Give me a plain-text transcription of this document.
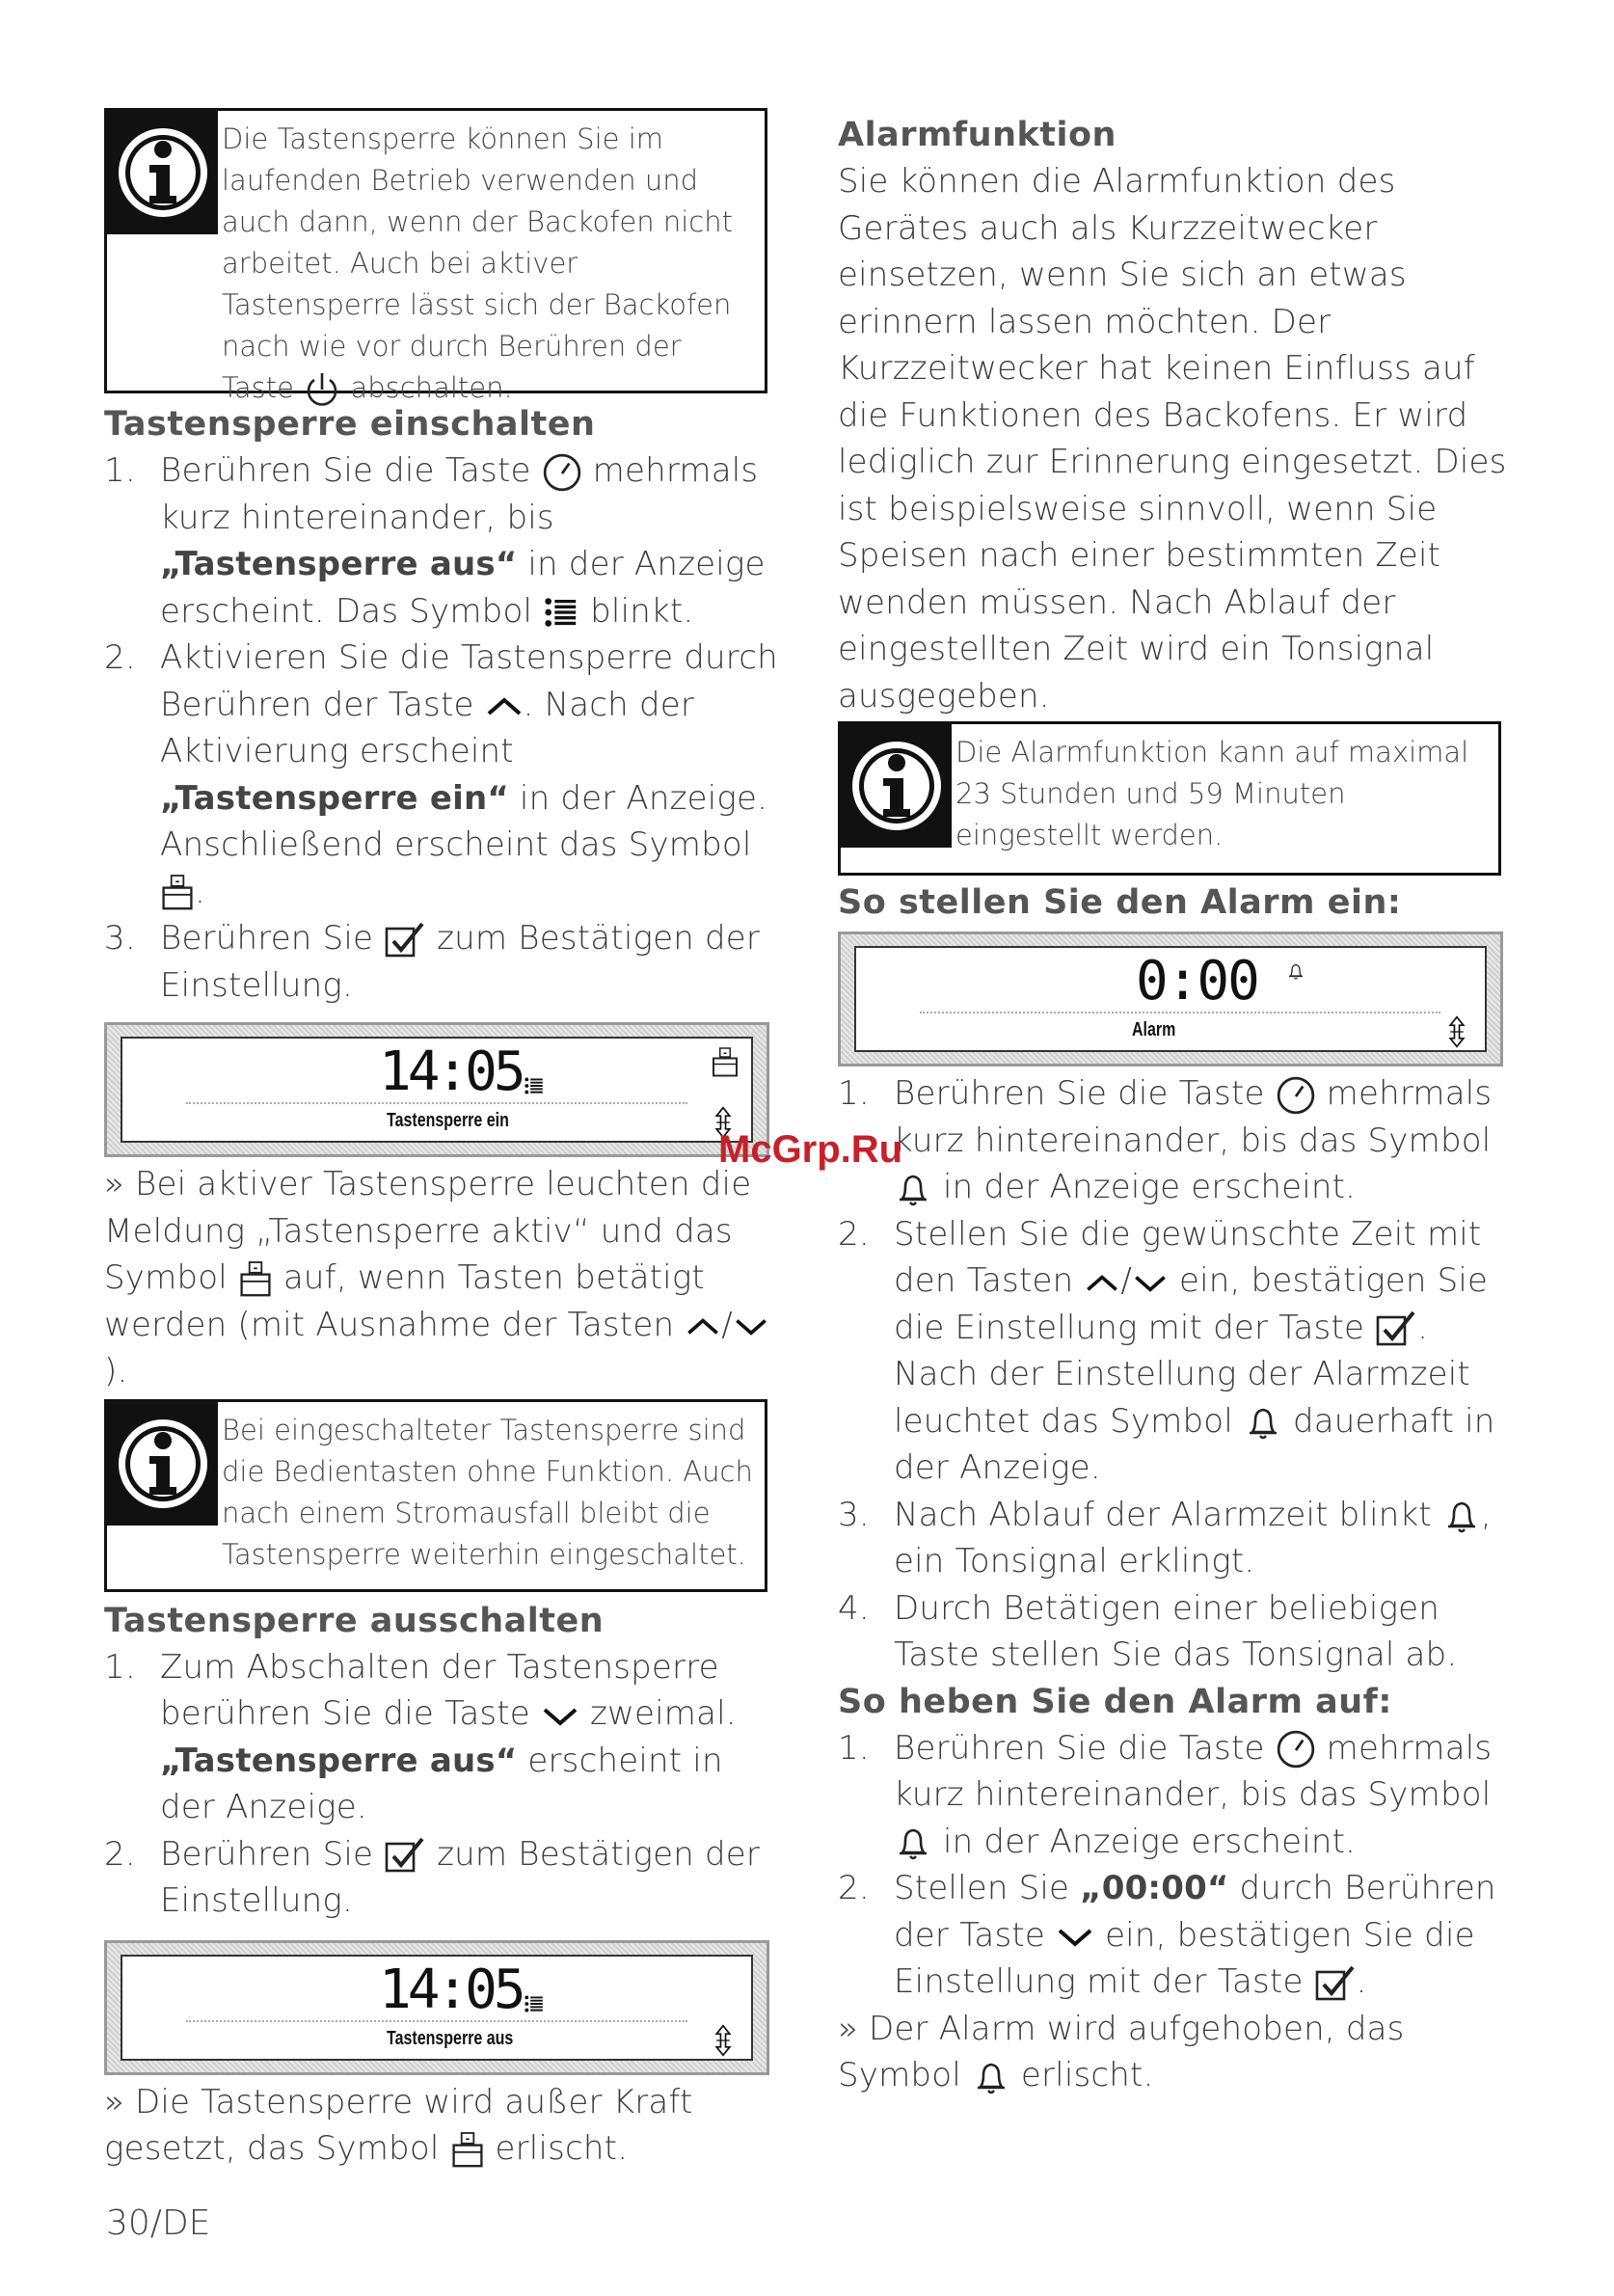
Die Tastensperre können Sie im laufenden Betrieb verwenden und auch dann, wenn der Backofen nicht arbeitet. Auch bei aktiver Tastensperre lässt sich der Backofen nach wie vor durch Berühren der Taste abschalten.
Tastensperre einschalten
1. Berühren Sie die Taste mehrmals kurz hintereinander, bis „Tastensperre aus“ in der Anzeige erscheint. Das Symbol blinkt.
2. Aktivieren Sie die Tastensperre durch Berühren der Taste . Nach der Aktivierung erscheint „Tastensperre ein“ in der Anzeige. Anschließend erscheint das Symbol .
3. Berühren Sie zum Bestätigen der Einstellung.
14:05
Tastensperre ein
» Bei aktiver Tastensperre leuchten die Meldung „Tastensperre aktiv“ und das Symbol auf, wenn Tasten betätigt werden (mit Ausnahme der Tasten /).
Bei eingeschalteter Tastensperre sind die Bedientasten ohne Funktion. Auch nach einem Stromausfall bleibt die Tastensperre weiterhin eingeschaltet.
Tastensperre ausschalten
1. Zum Abschalten der Tastensperre berühren Sie die Taste zweimal. „Tastensperre aus“ erscheint in der Anzeige.
2. Berühren Sie zum Bestätigen der Einstellung.
14:05
Tastensperre aus
» Die Tastensperre wird außer Kraft gesetzt, das Symbol erlischt.
Alarmfunktion
Sie können die Alarmfunktion des Gerätes auch als Kurzzeitwecker einsetzen, wenn Sie sich an etwas erinnern lassen möchten. Der Kurzzeitwecker hat keinen Einfluss auf die Funktionen des Backofens. Er wird lediglich zur Erinnerung eingesetzt. Dies ist beispielsweise sinnvoll, wenn Sie Speisen nach einer bestimmten Zeit wenden müssen. Nach Ablauf der eingestellten Zeit wird ein Tonsignal ausgegeben.
Die Alarmfunktion kann auf maximal 23 Stunden und 59 Minuten eingestellt werden.
So stellen Sie den Alarm ein:
0:00
Alarm
1. Berühren Sie die Taste mehrmals kurz hintereinander, bis das Symbol  in der Anzeige erscheint.
2. Stellen Sie die gewünschte Zeit mit den Tasten / ein, bestätigen Sie die Einstellung mit der Taste . Nach der Einstellung der Alarmzeit leuchtet das Symbol dauerhaft in der Anzeige.
3. Nach Ablauf der Alarmzeit blinkt , ein Tonsignal erklingt.
4. Durch Betätigen einer beliebigen Taste stellen Sie das Tonsignal ab.
So heben Sie den Alarm auf:
1. Berühren Sie die Taste mehrmals kurz hintereinander, bis das Symbol  in der Anzeige erscheint.
2. Stellen Sie „00:00“ durch Berühren der Taste ein, bestätigen Sie die Einstellung mit der Taste .
» Der Alarm wird aufgehoben, das Symbol erlischt.
McGrp.Ru
30/DE
